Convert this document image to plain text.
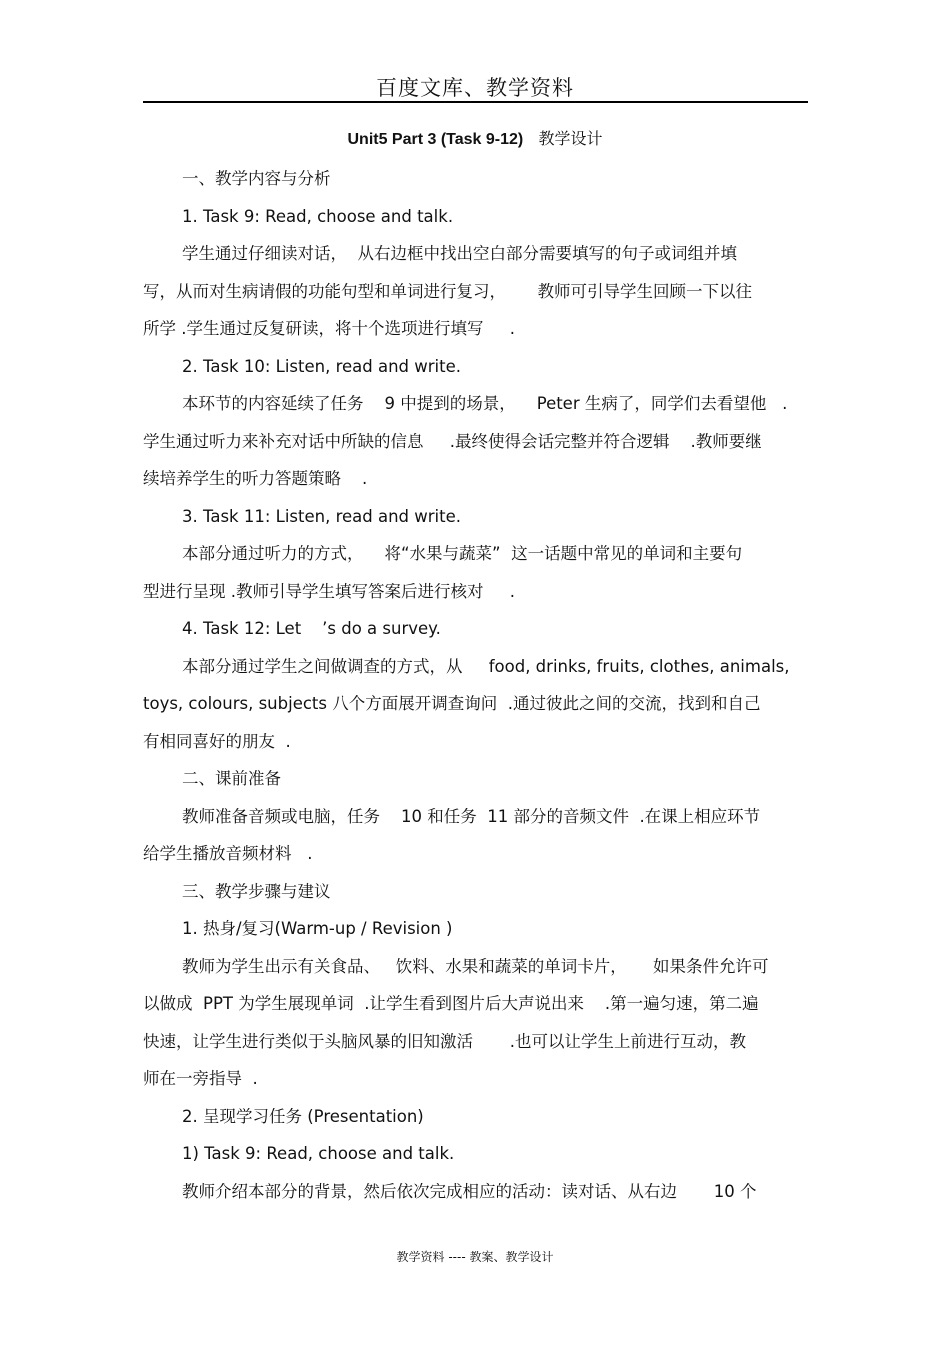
百度文库、教学资料
Unit5 Part 3 (Task 9-12)   教学设计
一、教学内容与分析
1. Task 9: Read, choose and talk.
学生通过仔细读对话，  从右边框中找出空白部分需要填写的句子或词组并填
写，从而对生病请假的功能句型和单词进行复习，      教师可引导学生回顾一下以往
所学 .学生通过反复研读，将十个选项进行填写     .
2. Task 10: Listen, read and write.
本环节的内容延续了任务    9 中提到的场景，    Peter 生病了，同学们去看望他   .
学生通过听力来补充对话中所缺的信息     .最终使得会话完整并符合逻辑    .教师要继
续培养学生的听力答题策略    .
3. Task 11: Listen, read and write.
本部分通过听力的方式，    将“水果与蔬菜”  这一话题中常见的单词和主要句
型进行呈现 .教师引导学生填写答案后进行核对     .
4. Task 12: Let    ’s do a survey.
本部分通过学生之间做调查的方式，从     food, drinks, fruits, clothes, animals,
toys, colours, subjects 八个方面展开调查询问  .通过彼此之间的交流，找到和自己
有相同喜好的朋友  .
二、课前准备
教师准备音频或电脑，任务    10 和任务  11 部分的音频文件  .在课上相应环节
给学生播放音频材料   .
三、教学步骤与建议
1. 热身/复习(Warm-up / Revision )
教师为学生出示有关食品、   饮料、水果和蔬菜的单词卡片，     如果条件允许可
以做成  PPT 为学生展现单词  .让学生看到图片后大声说出来    .第一遍匀速，第二遍
快速，让学生进行类似于头脑风暴的旧知激活       .也可以让学生上前进行互动，教
师在一旁指导  .
2. 呈现学习任务 (Presentation)
1) Task 9: Read, choose and talk.
教师介绍本部分的背景，然后依次完成相应的活动：读对话、从右边       10 个
教学资料 ---- 教案、教学设计
